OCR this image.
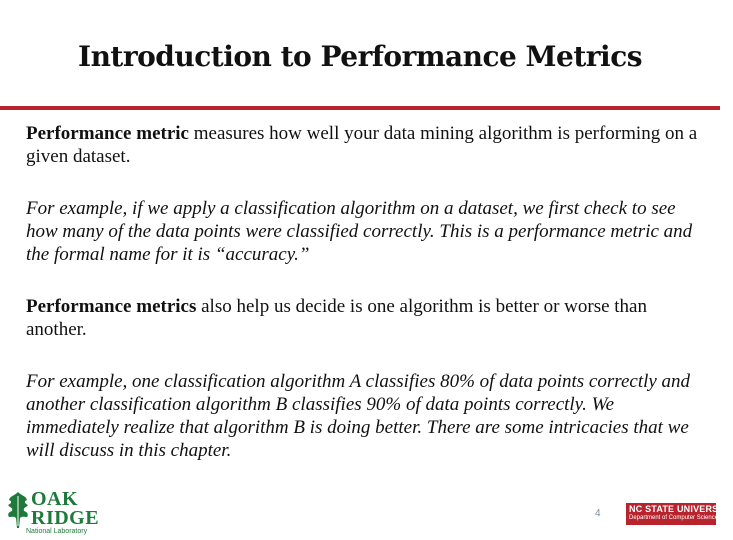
Introduction to Performance Metrics

Performance metric measures how well your data mining algorithm is performing on a given dataset.

For example, if we apply a classification algorithm on a dataset, we first check to see how many of the data points were classified correctly. This is a performance metric and the formal name for it is “accuracy.”

Performance metrics also help us decide is one algorithm is better or worse than another.

For example, one classification algorithm A classifies 80% of data points correctly and another classification algorithm B classifies 90% of data points correctly. We immediately realize that algorithm B is doing better. There are some intricacies that we will discuss in this chapter.

OAK
RIDGE
National Laboratory
4	NC STATE UNIVERSITY
Department of Computer Science
